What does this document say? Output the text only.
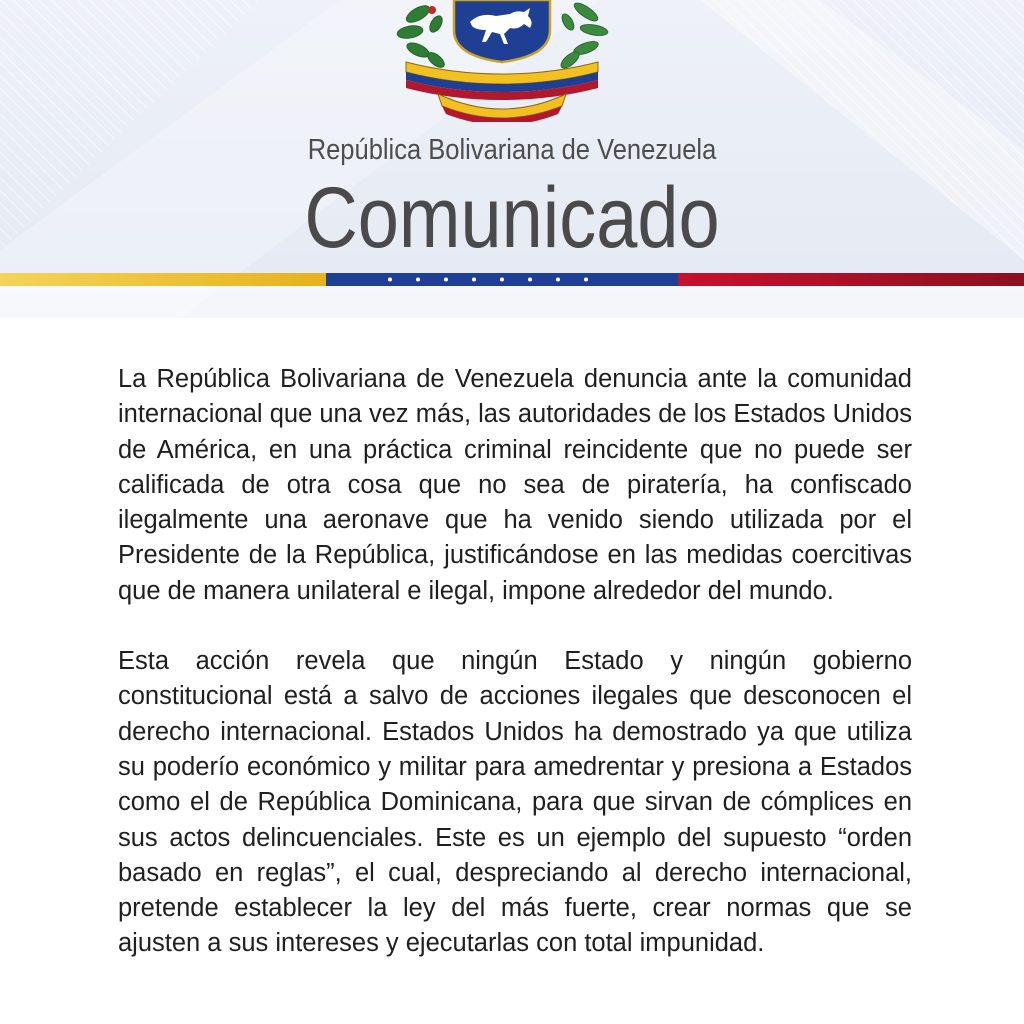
República Bolivariana de Venezuela
Comunicado

La República Bolivariana de Venezuela denuncia ante la comunidad internacional que una vez más, las autoridades de los Estados Unidos de América, en una práctica criminal reincidente que no puede ser calificada de otra cosa que no sea de piratería, ha confiscado ilegalmente una aeronave que ha venido siendo utilizada por el Presidente de la República, justificándose en las medidas coercitivas que de manera unilateral e ilegal, impone alrededor del mundo.

Esta acción revela que ningún Estado y ningún gobierno constitucional está a salvo de acciones ilegales que desconocen el derecho internacional. Estados Unidos ha demostrado ya que utiliza su poderío económico y militar para amedrentar y presiona a Estados como el de República Dominicana, para que sirvan de cómplices en sus actos delincuenciales. Este es un ejemplo del supuesto “orden basado en reglas”, el cual, despreciando al derecho internacional, pretende establecer la ley del más fuerte, crear normas que se ajusten a sus intereses y ejecutarlas con total impunidad.
